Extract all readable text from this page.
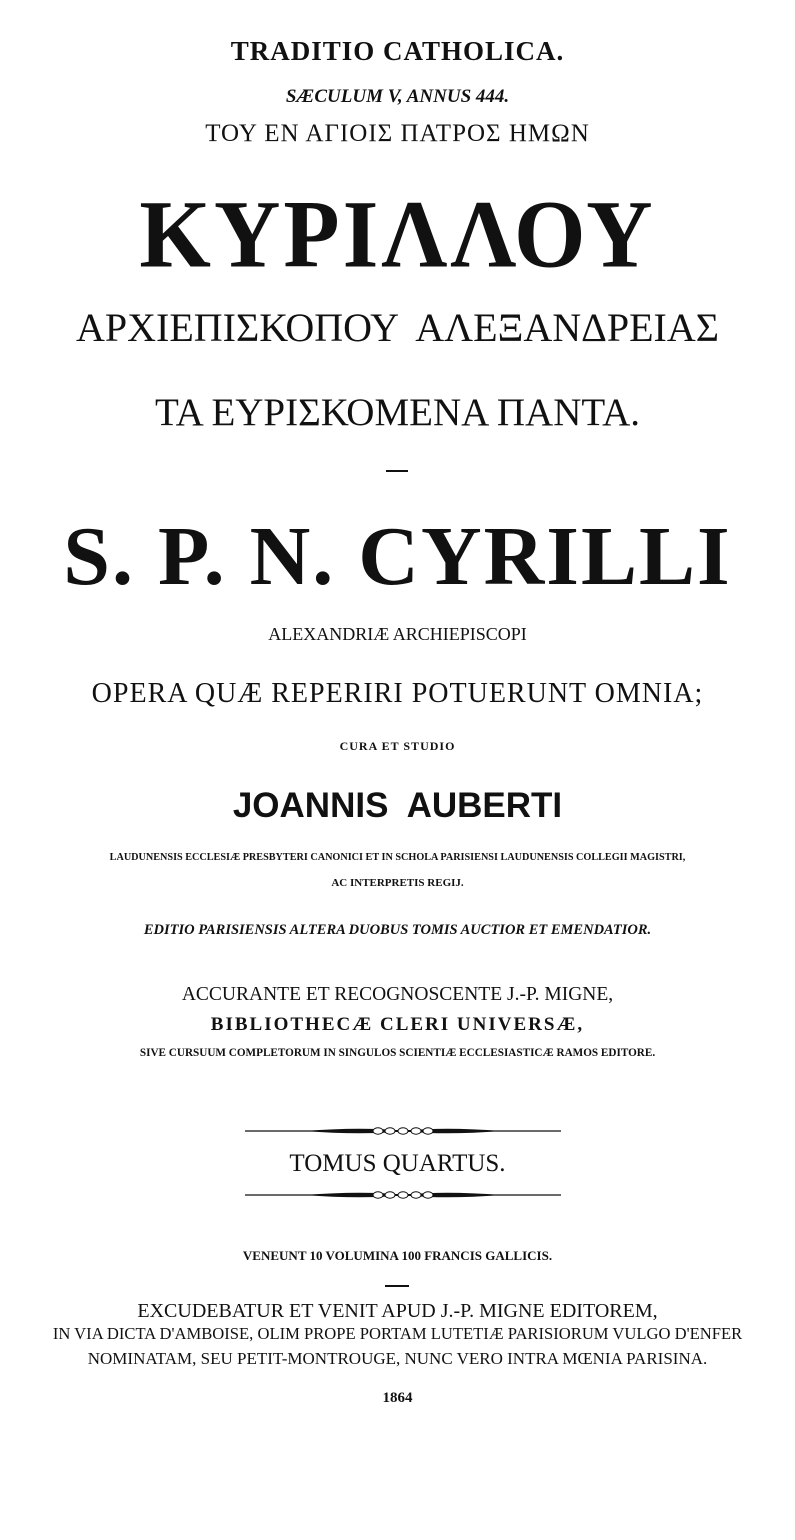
TRADITIO CATHOLICA.
SÆCULUM V, ANNUS 444.
ΤΟΥ ΕΝ ΑΓΙΟΙΣ ΠΑΤΡΟΣ ΗΜΩΝ
ΚΥΡΙΛΛΟΥ
ΑΡΧΙΕΠΙΣΚΟΠΟΥ  ΑΛΕΞΑΝΔΡΕΙΑΣ
ΤΑ ΕΥΡΙΣΚΟΜΕΝΑ ΠΑΝΤΑ.
S. P. N. CYRILLI
ALEXANDRIÆ ARCHIEPISCOPI
OPERA QUÆ REPERIRI POTUERUNT OMNIA;
CURA ET STUDIO
JOANNIS  AUBERTI
LAUDUNENSIS ECCLESIÆ PRESBYTERI CANONICI ET IN SCHOLA PARISIENSI LAUDUNENSIS COLLEGII MAGISTRI,
AC INTERPRETIS REGIJ.
EDITIO PARISIENSIS ALTERA DUOBUS TOMIS AUCTIOR ET EMENDATIOR.
ACCURANTE ET RECOGNOSCENTE J.-P. MIGNE,
BIBLIOTHECÆ CLERI UNIVERSÆ,
SIVE CURSUUM COMPLETORUM IN SINGULOS SCIENTIÆ ECCLESIASTICÆ RAMOS EDITORE.
TOMUS QUARTUS.
VENEUNT 10 VOLUMINA 100 FRANCIS GALLICIS.
EXCUDEBATUR ET VENIT APUD J.-P. MIGNE EDITOREM,
IN VIA DICTA D'AMBOISE, OLIM PROPE PORTAM LUTETIÆ PARISIORUM VULGO D'ENFER
NOMINATAM, SEU PETIT-MONTROUGE, NUNC VERO INTRA MŒNIA PARISINA.
1864
